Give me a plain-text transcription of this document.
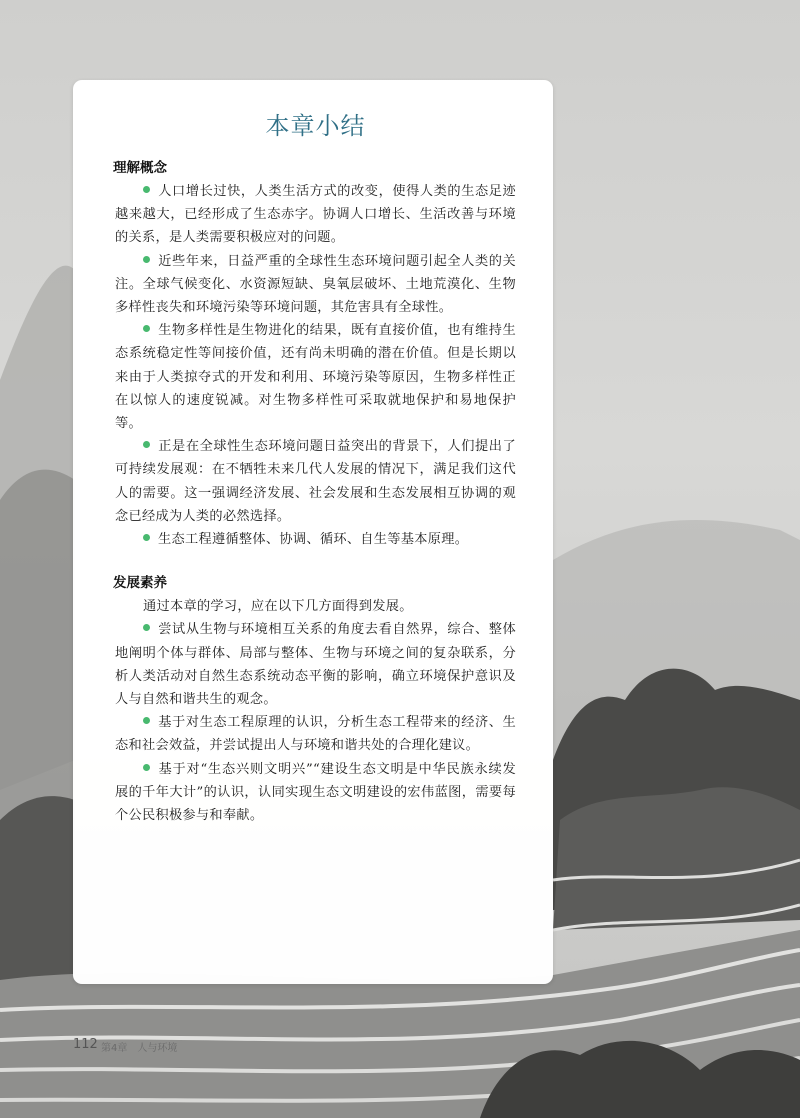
本章小结
理解概念

人口增长过快，人类生活方式的改变，使得人类的生态足迹越来越大，已经形成了生态赤字。协调人口增长、生活改善与环境的关系，是人类需要积极应对的问题。

近些年来，日益严重的全球性生态环境问题引起全人类的关注。全球气候变化、水资源短缺、臭氧层破坏、土地荒漠化、生物多样性丧失和环境污染等环境问题，其危害具有全球性。

生物多样性是生物进化的结果，既有直接价值，也有维持生态系统稳定性等间接价值，还有尚未明确的潜在价值。但是长期以来由于人类掠夺式的开发和利用、环境污染等原因，生物多样性正在以惊人的速度锐减。对生物多样性可采取就地保护和易地保护等。

正是在全球性生态环境问题日益突出的背景下，人们提出了可持续发展观：在不牺牲未来几代人发展的情况下，满足我们这代人的需要。这一强调经济发展、社会发展和生态发展相互协调的观念已经成为人类的必然选择。

生态工程遵循整体、协调、循环、自生等基本原理。

发展素养

通过本章的学习，应在以下几方面得到发展。

尝试从生物与环境相互关系的角度去看自然界，综合、整体地阐明个体与群体、局部与整体、生物与环境之间的复杂联系，分析人类活动对自然生态系统动态平衡的影响，确立环境保护意识及人与自然和谐共生的观念。

基于对生态工程原理的认识，分析生态工程带来的经济、生态和社会效益，并尝试提出人与环境和谐共处的合理化建议。

基于对“生态兴则文明兴”“建设生态文明是中华民族永续发展的千年大计”的认识，认同实现生态文明建设的宏伟蓝图，需要每个公民积极参与和奉献。

112 第4章　人与环境
